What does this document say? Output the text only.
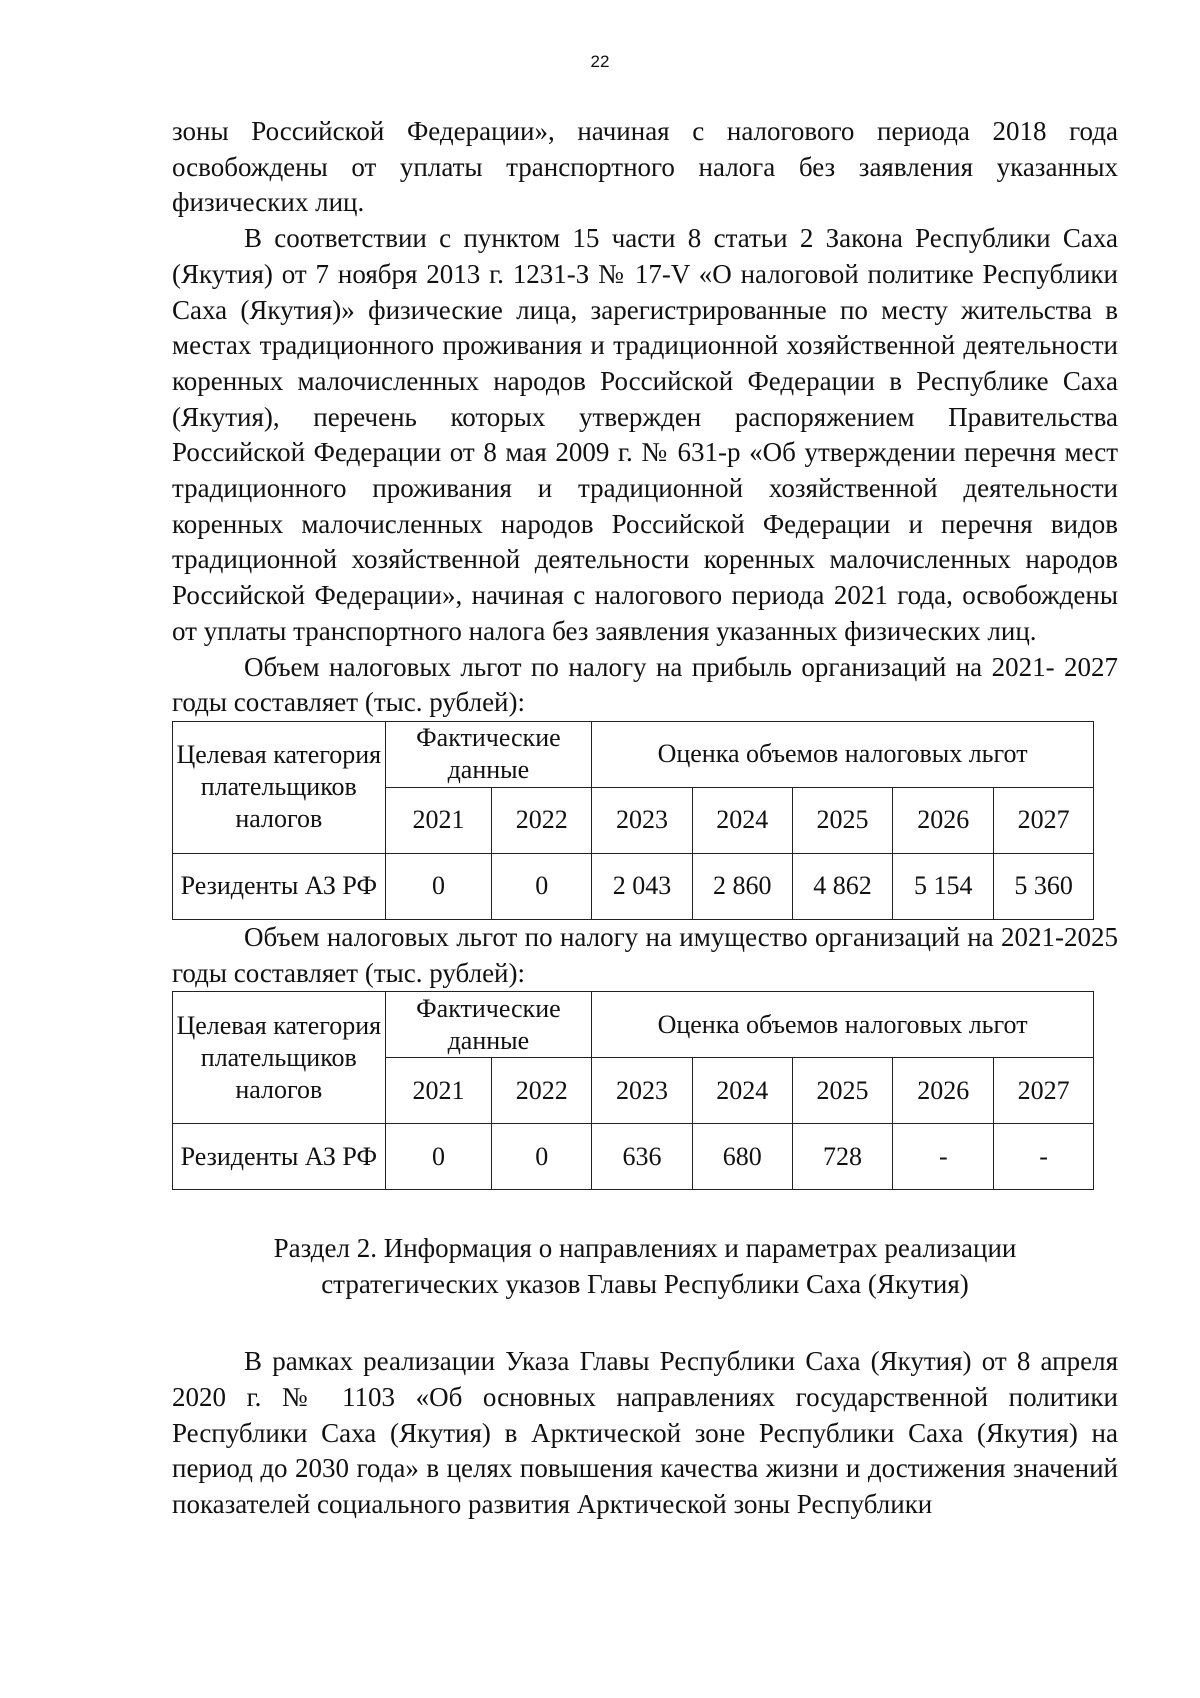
22

зоны Российской Федерации», начиная с налогового периода 2018 года освобождены от уплаты транспортного налога без заявления указанных физических лиц.

В соответствии с пунктом 15 части 8 статьи 2 Закона Республики Саха (Якутия) от 7 ноября 2013 г. 1231-З № 17-V «О налоговой политике Республики Саха (Якутия)» физические лица, зарегистрированные по месту жительства в местах традиционного проживания и традиционной хозяйственной деятельности коренных малочисленных народов Российской Федерации в Республике Саха (Якутия), перечень которых утвержден распоряжением Правительства Российской Федерации от 8 мая 2009 г. № 631-р «Об утверждении перечня мест традиционного проживания и традиционной хозяйственной деятельности коренных малочисленных народов Российской Федерации и перечня видов традиционной хозяйственной деятельности коренных малочисленных народов Российской Федерации», начиная с налогового периода 2021 года, освобождены от уплаты транспортного налога без заявления указанных физических лиц.

Объем налоговых льгот по налогу на прибыль организаций на 2021- 2027 годы составляет (тыс. рублей):

Целевая категория плательщиков налогов	Фактические данные		Оценка объемов налоговых льгот				
	2021	2022	2023	2024	2025	2026	2027
Резиденты АЗ РФ	0	0	2 043	2 860	4 862	5 154	5 360

Объем налоговых льгот по налогу на имущество организаций на 2021-2025 годы составляет (тыс. рублей):

Целевая категория плательщиков налогов	Фактические данные		Оценка объемов налоговых льгот				
	2021	2022	2023	2024	2025	2026	2027
Резиденты АЗ РФ	0	0	636	680	728	-	-
Раздел 2. Информация о направлениях и параметрах реализации
стратегических указов Главы Республики Саха (Якутия)

В рамках реализации Указа Главы Республики Саха (Якутия) от 8 апреля 2020 г. № 1103 «Об основных направлениях государственной политики Республики Саха (Якутия) в Арктической зоне Республики Саха (Якутия) на период до 2030 года» в целях повышения качества жизни и достижения значений показателей социального развития Арктической зоны Республики
